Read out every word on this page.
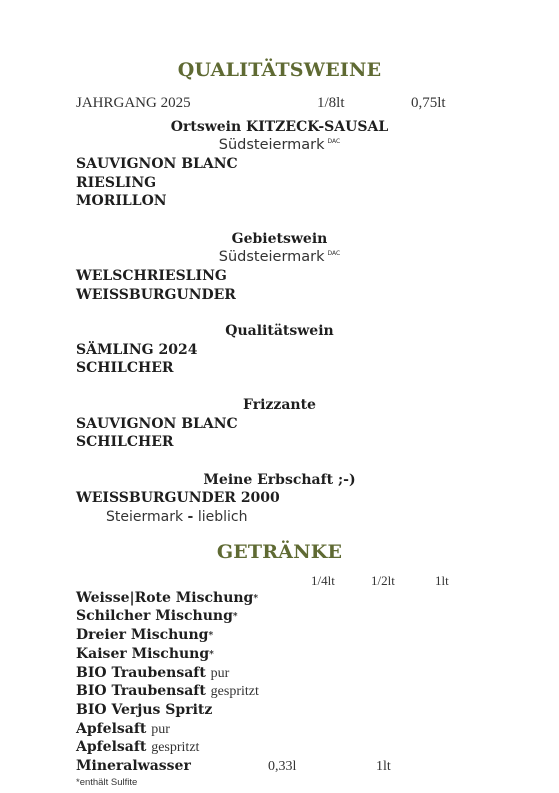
QUALITÄTSWEINE
JAHRGANG 2025	1/8lt	0,75lt
Ortswein KITZECK-SAUSAL
Südsteiermark $^{DAC}$
SAUVIGNON BLANC
RIESLING
MORILLON
Gebietswein
Südsteiermark $^{DAC}$
WELSCHRIESLING
WEISSBURGUNDER
Qualitätswein
SÄMLING 2024
SCHILCHER
Frizzante
SAUVIGNON BLANC
SCHILCHER
Meine Erbschaft ;-)
WEISSBURGUNDER 2000
Steiermark - lieblich
GETRÄNKE
1/4lt	1/2lt	1lt
Weisse|Rote Mischung*
Schilcher Mischung*
Dreier Mischung*
Kaiser Mischung*
BIO Traubensaft pur
BIO Traubensaft gespritzt
BIO Verjus Spritz
Apfelsaft pur
Apfelsaft gespritzt
Mineralwasser	0,33l	1lt
*enthält Sulfite
